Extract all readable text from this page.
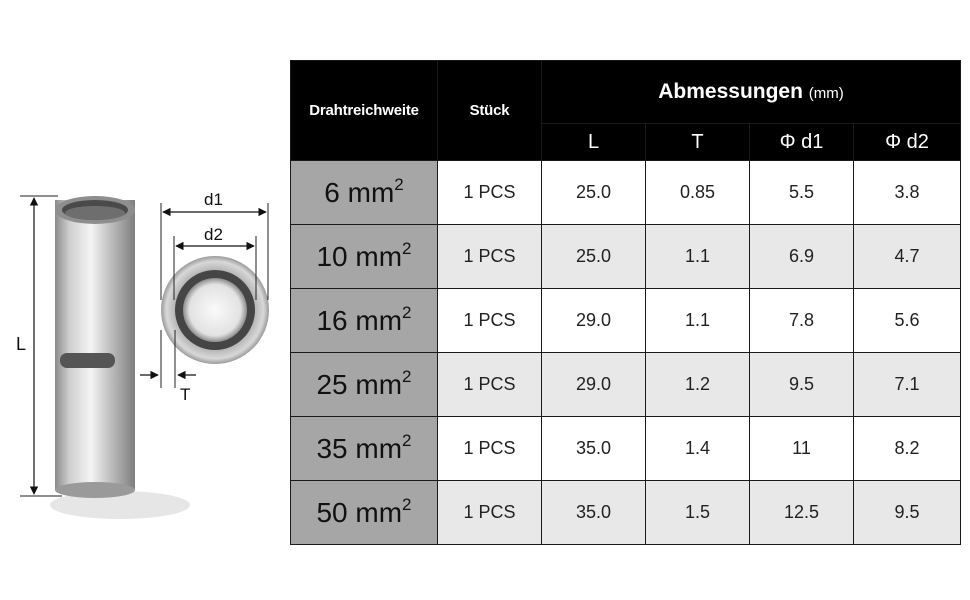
L
d1
d2
T
Drahtreichweite	Stück	Abmessungen (mm)			
		L	T	Φ d1	Φ d2
6 $mm^2$	1 PCS	25.0	0.85	5.5	3.8
10 $mm^2$	1 PCS	25.0	1.1	6.9	4.7
16 $mm^2$	1 PCS	29.0	1.1	7.8	5.6
25 $mm^2$	1 PCS	29.0	1.2	9.5	7.1
35 $mm^2$	1 PCS	35.0	1.4	11	8.2
50 $mm^2$	1 PCS	35.0	1.5	12.5	9.5
